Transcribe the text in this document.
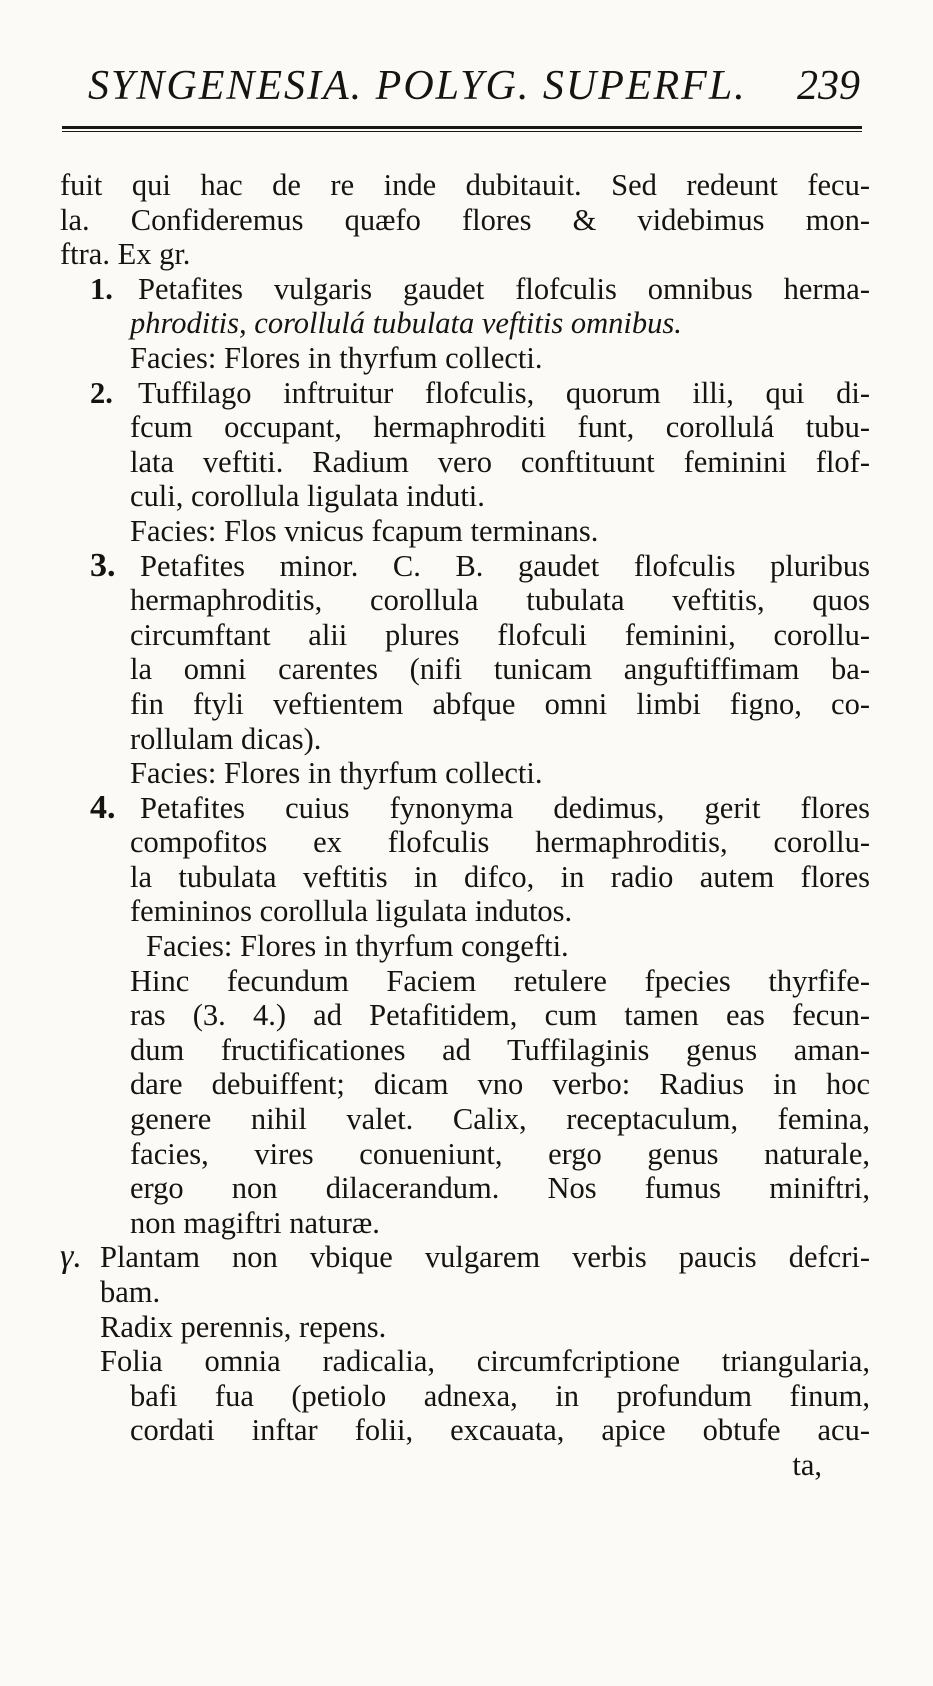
SYNGENESIA. POLYG. SUPERFL. 239
fuit qui hac de re inde dubitauit. Sed redeunt fecu-
la. Confideremus quæfo flores & videbimus mon-
ftra. Ex gr.
1. Petafites vulgaris gaudet flofculis omnibus herma-
phroditis, corollulá tubulata veftitis omnibus.
Facies: Flores in thyrfum collecti.
2. Tuffilago inftruitur flofculis, quorum illi, qui di-
fcum occupant, hermaphroditi funt, corollulá tubu-
lata veftiti. Radium vero conftituunt feminini flof-
culi, corollula ligulata induti.
Facies: Flos vnicus fcapum terminans.
3. Petafites minor. C. B. gaudet flofculis pluribus
hermaphroditis, corollula tubulata veftitis, quos
circumftant alii plures flofculi feminini, corollu-
la omni carentes (nifi tunicam anguftiffimam ba-
fin ftyli veftientem abfque omni limbi figno, co-
rollulam dicas).
Facies: Flores in thyrfum collecti.
4. Petafites cuius fynonyma dedimus, gerit flores
compofitos ex flofculis hermaphroditis, corollu-
la tubulata veftitis in difco, in radio autem flores
femininos corollula ligulata indutos.
Facies: Flores in thyrfum congefti.
Hinc fecundum Faciem retulere fpecies thyrfife-
ras (3. 4.) ad Petafitidem, cum tamen eas fecun-
dum fructificationes ad Tuffilaginis genus aman-
dare debuiffent; dicam vno verbo: Radius in hoc
genere nihil valet. Calix, receptaculum, femina,
facies, vires conueniunt, ergo genus naturale,
ergo non dilacerandum. Nos fumus miniftri,
non magiftri naturæ.
γ. Plantam non vbique vulgarem verbis paucis defcri-
bam.
Radix perennis, repens.
Folia omnia radicalia, circumfcriptione triangularia,
bafi fua (petiolo adnexa, in profundum finum,
cordati inftar folii, excauata, apice obtufe acu-
ta,
